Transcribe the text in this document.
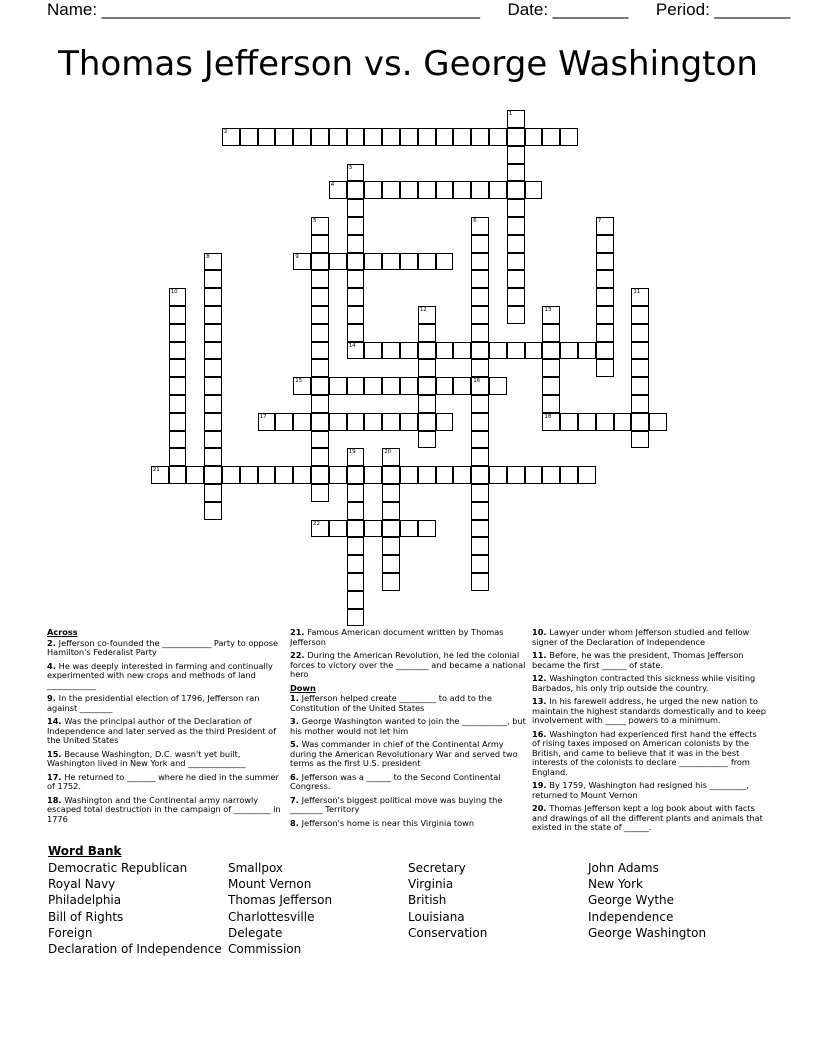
Name: ________________________________________ Date: ________ Period: ________
Thomas Jefferson vs. George Washington
1
2
3
4
5	6
16
7
8	9
10	11
12	13
18
14
15
17
19	20
21
22
Across
2. Jefferson co-founded the ____________ Party to oppose Hamilton's Federalist Party
4. He was deeply interested in farming and continually experimented with new crops and methods of land ____________
9. In the presidential election of 1796, Jefferson ran against ________
14. Was the principal author of the Declaration of Independence and later served as the third President of the United States
15. Because Washington, D.C. wasn't yet built, Washington lived in New York and ______________
17. He returned to _______ where he died in the summer of 1752.
18. Washington and the Continental army narrowly escaped total destruction in the campaign of _________ in 1776
21. Famous American document written by Thomas Jefferson
22. During the American Revolution, he led the colonial forces to victory over the ________ and became a national hero
Down
1. Jefferson helped create _________ to add to the Constitution of the United States
3. George Washington wanted to join the ___________, but his mother would not let him
5. Was commander in chief of the Continental Army during the American Revolutionary War and served two terms as the first U.S. president
6. Jefferson was a ______ to the Second Continental Congress.
7. Jefferson's biggest political move was buying the ________ Territory
8. Jefferson's home is near this Virginia town
10. Lawyer under whom Jefferson studied and fellow signer of the Declaration of Independence
11. Before, he was the president, Thomas Jefferson became the first ______ of state.
12. Washington contracted this sickness while visiting Barbados, his only trip outside the country.
13. In his farewell address, he urged the new nation to maintain the highest standards domestically and to keep involvement with _____ powers to a minimum.
16. Washington had experienced first hand the effects of rising taxes imposed on American colonists by the British, and came to believe that it was in the best interests of the colonists to declare ____________ from England.
19. By 1759, Washington had resigned his _________, returned to Mount Vernon
20. Thomas Jefferson kept a log book about with facts and drawings of all the different plants and animals that existed in the state of ______.
Word Bank
Democratic Republican
Royal Navy
Philadelphia
Bill of Rights
Foreign
Declaration of Independence
Smallpox
Mount Vernon
Thomas Jefferson
Charlottesville
Delegate
Commission
Secretary
Virginia
British
Louisiana
Conservation
John Adams
New York
George Wythe
Independence
George Washington
